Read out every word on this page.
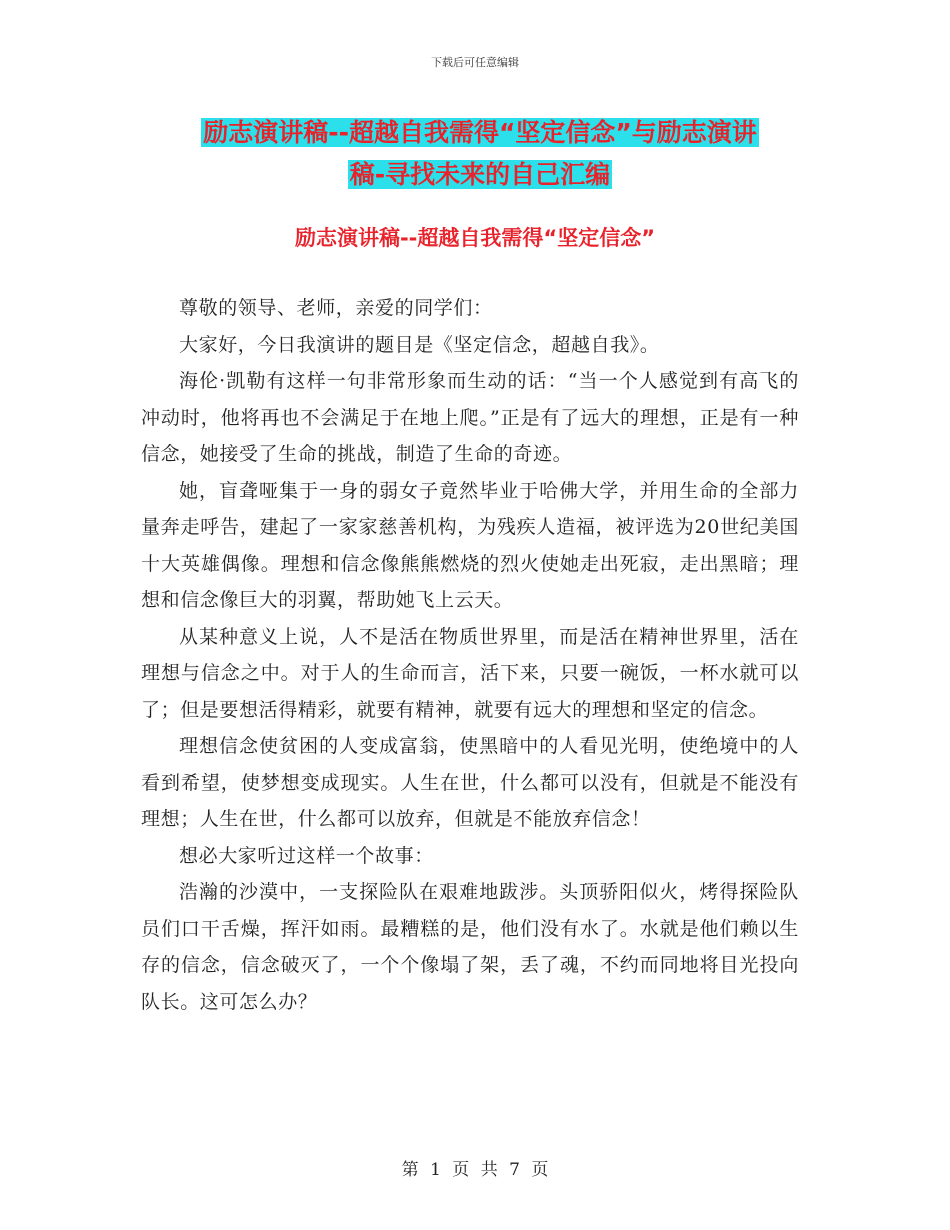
下载后可任意编辑
励志演讲稿--超越自我需得“坚定信念”与励志演讲
稿-寻找未来的自己汇编
励志演讲稿--超越自我需得“坚定信念”

尊敬的领导、老师，亲爱的同学们：

大家好，今日我演讲的题目是《坚定信念，超越自我》。

海伦·凯勒有这样一句非常形象而生动的话：“当一个人感觉到有高飞的冲动时，他将再也不会满足于在地上爬。”正是有了远大的理想，正是有一种信念，她接受了生命的挑战，制造了生命的奇迹。

她，盲聋哑集于一身的弱女子竟然毕业于哈佛大学，并用生命的全部力量奔走呼告，建起了一家家慈善机构，为残疾人造福，被评选为20世纪美国十大英雄偶像。理想和信念像熊熊燃烧的烈火使她走出死寂，走出黑暗；理想和信念像巨大的羽翼，帮助她飞上云天。

从某种意义上说，人不是活在物质世界里，而是活在精神世界里，活在理想与信念之中。对于人的生命而言，活下来，只要一碗饭，一杯水就可以了；但是要想活得精彩，就要有精神，就要有远大的理想和坚定的信念。

理想信念使贫困的人变成富翁，使黑暗中的人看见光明，使绝境中的人看到希望，使梦想变成现实。人生在世，什么都可以没有，但就是不能没有理想；人生在世，什么都可以放弃，但就是不能放弃信念！

想必大家听过这样一个故事：

浩瀚的沙漠中，一支探险队在艰难地跋涉。头顶骄阳似火，烤得探险队员们口干舌燥，挥汗如雨。最糟糕的是，他们没有水了。水就是他们赖以生存的信念，信念破灭了，一个个像塌了架，丢了魂，不约而同地将目光投向队长。这可怎么办？

第 1 页 共 7 页
